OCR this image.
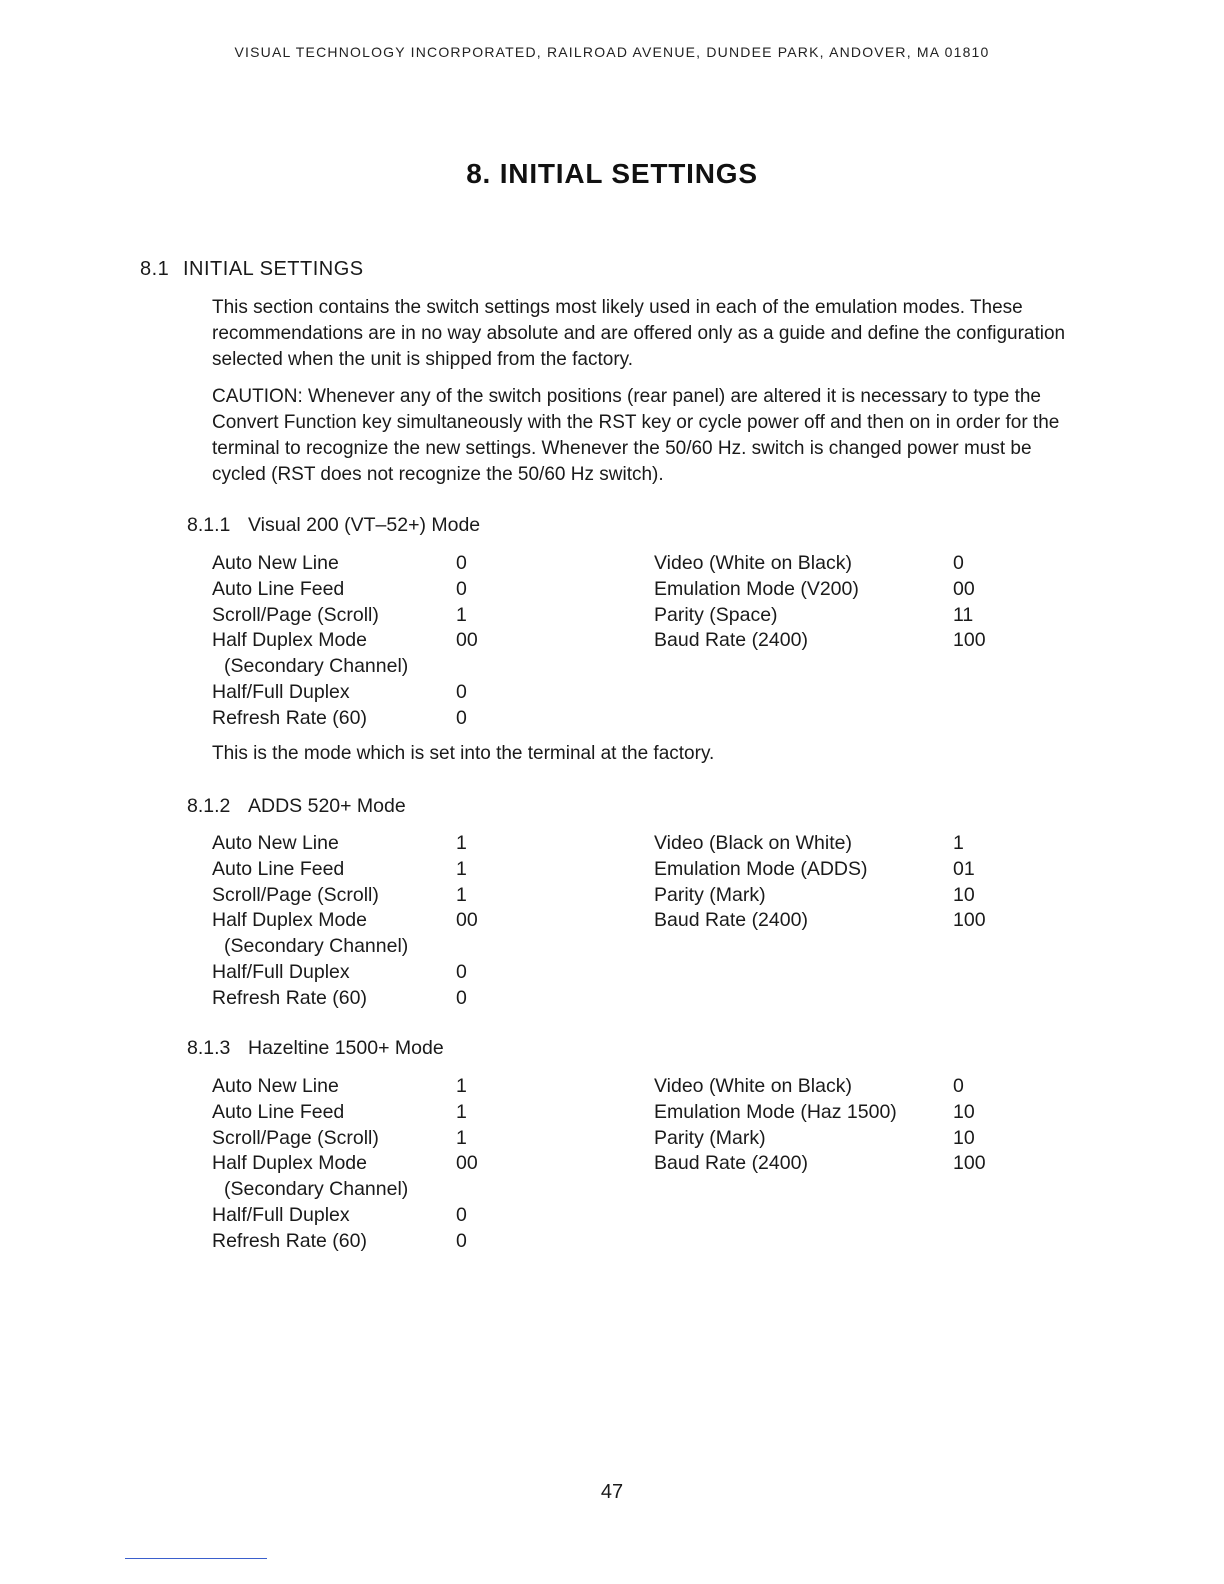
VISUAL TECHNOLOGY INCORPORATED, RAILROAD AVENUE, DUNDEE PARK, ANDOVER, MA 01810
8. INITIAL SETTINGS
8.1 INITIAL SETTINGS

This section contains the switch settings most likely used in each of the emulation modes. These recommendations are in no way absolute and are offered only as a guide and define the configuration selected when the unit is shipped from the factory.

CAUTION: Whenever any of the switch positions (rear panel) are altered it is necessary to type the Convert Function key simultaneously with the RST key or cycle power off and then on in order for the terminal to recognize the new settings. Whenever the 50/60 Hz. switch is changed power must be cycled (RST does not recognize the 50/60 Hz switch).

8.1.1 Visual 200 (VT–52+) Mode
Auto New Line
Auto Line Feed
Scroll/Page (Scroll)
Half Duplex Mode
(Secondary Channel)
Half/Full Duplex
Refresh Rate (60)
0
0
1
00
0
0
Video (White on Black)
Emulation Mode (V200)
Parity (Space)
Baud Rate (2400)
0
00
11
100
This is the mode which is set into the terminal at the factory.
8.1.2 ADDS 520+ Mode
Auto New Line
Auto Line Feed
Scroll/Page (Scroll)
Half Duplex Mode
(Secondary Channel)
Half/Full Duplex
Refresh Rate (60)
1
1
1
00
0
0
Video (Black on White)
Emulation Mode (ADDS)
Parity (Mark)
Baud Rate (2400)
1
01
10
100
8.1.3 Hazeltine 1500+ Mode
Auto New Line
Auto Line Feed
Scroll/Page (Scroll)
Half Duplex Mode
(Secondary Channel)
Half/Full Duplex
Refresh Rate (60)
1
1
1
00
0
0
Video (White on Black)
Emulation Mode (Haz 1500)
Parity (Mark)
Baud Rate (2400)
0
10
10
100
47
